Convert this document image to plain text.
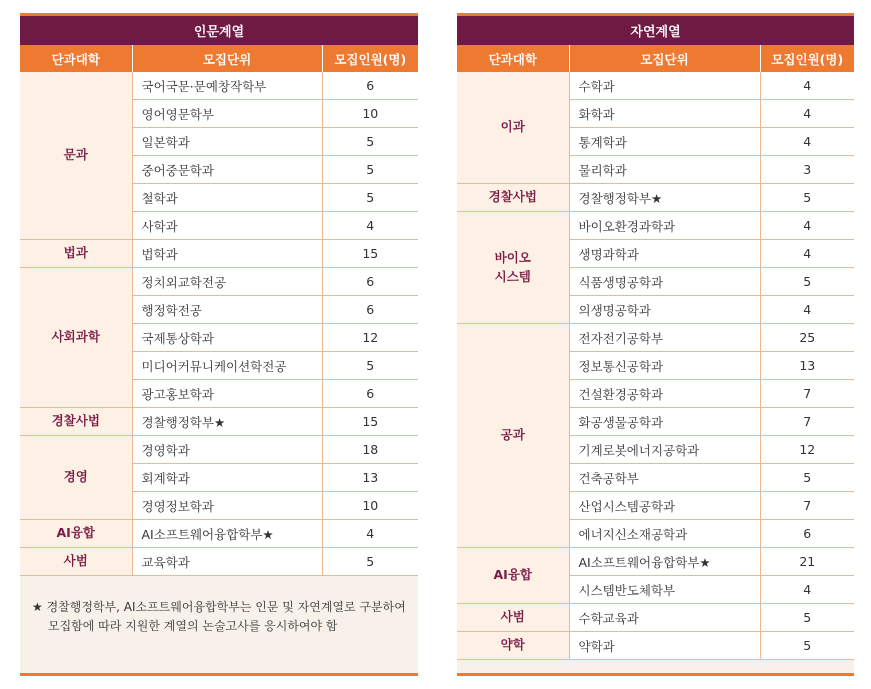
인문계열		
단과대학	모집단위	모집인원(명)
문과	국어국문·문예창작학부	6
	영어영문학부	10
	일본학과	5
	중어중문학과	5
	철학과	5
	사학과	4
법과	법학과	15
사회과학	정치외교학전공	6
	행정학전공	6
	국제통상학과	12
	미디어커뮤니케이션학전공	5
	광고홍보학과	6
경찰사법	경찰행정학부★	15
경영	경영학과	18
	회계학과	13
	경영정보학과	10
AI융합	AI소프트웨어융합학부★	4
사범	교육학과	5
★ 경찰행정학부, AI소프트웨어융합학부는 인문 및 자연계열로 구분하여
모집함에 따라 지원한 계열의 논술고사를 응시하여야 함
자연계열		
단과대학	모집단위	모집인원(명)
이과	수학과	4
	화학과	4
	통계학과	4
	물리학과	3
경찰사법	경찰행정학부★	5
바이오
시스템	바이오환경과학과	4
	생명과학과	4
	식품생명공학과	5
	의생명공학과	4
공과	전자전기공학부	25
	정보통신공학과	13
	건설환경공학과	7
	화공생물공학과	7
	기계로봇에너지공학과	12
	건축공학부	5
	산업시스템공학과	7
	에너지신소재공학과	6
AI융합	AI소프트웨어융합학부★	21
	시스템반도체학부	4
사범	수학교육과	5
약학	약학과	5
